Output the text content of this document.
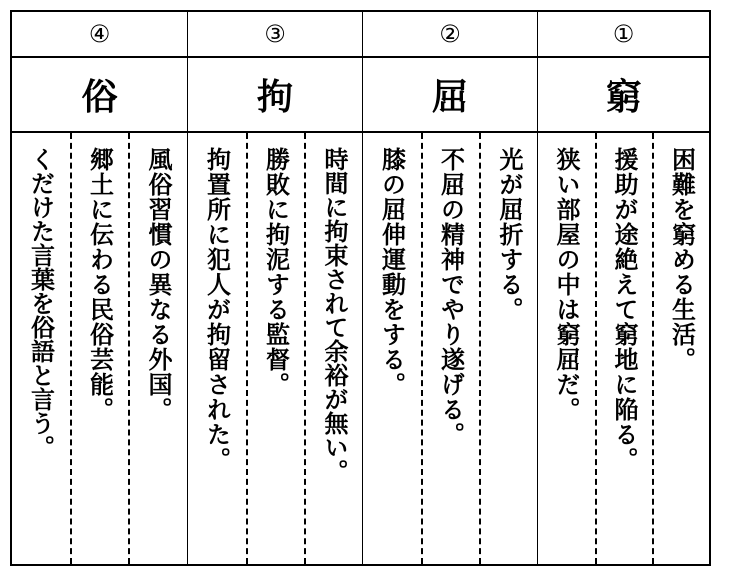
④
俗
くだけた言葉を俗語と言う。 郷土に伝わる民俗芸能。 風俗習慣の異なる外国。
③
拘
拘置所に犯人が拘留された。 勝敗に拘泥する監督。 時間に拘束されて余裕が無い。
②
屈
膝の屈伸運動をする。 不屈の精神でやり遂げる。 光が屈折する。
①
窮
狭い部屋の中は窮屈だ。 援助が途絶えて窮地に陥る。 困難を窮める生活。
